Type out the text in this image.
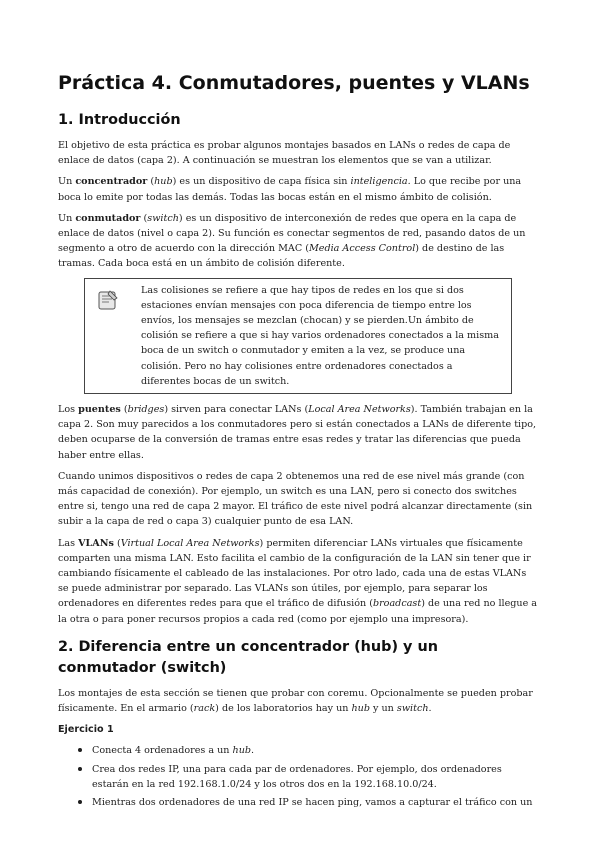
Práctica 4. Conmutadores, puentes y VLANs
1. Introducción

El objetivo de esta práctica es probar algunos montajes basados en LANs o redes de capa de enlace de datos (capa 2). A continuación se muestran los elementos que se van a utilizar.

Un concentrador (hub) es un dispositivo de capa física sin inteligencia. Lo que recibe por una boca lo emite por todas las demás. Todas las bocas están en el mismo ámbito de colisión.

Un conmutador (switch) es un dispositivo de interconexión de redes que opera en la capa de enlace de datos (nivel o capa 2). Su función es conectar segmentos de red, pasando datos de un segmento a otro de acuerdo con la dirección MAC (Media Access Control) de destino de las tramas. Cada boca está en un ámbito de colisión diferente.

Las colisiones se refiere a que hay tipos de redes en los que si dos estaciones envían mensajes con poca diferencia de tiempo entre los envíos, los mensajes se mezclan (chocan) y se pierden.Un ámbito de colisión se refiere a que si hay varios ordenadores conectados a la misma boca de un switch o conmutador y emiten a la vez, se produce una colisión. Pero no hay colisiones entre ordenadores conectados a diferentes bocas de un switch.

Los puentes (bridges) sirven para conectar LANs (Local Area Networks). También trabajan en la capa 2. Son muy parecidos a los conmutadores pero si están conectados a LANs de diferente tipo, deben ocuparse de la conversión de tramas entre esas redes y tratar las diferencias que pueda haber entre ellas.

Cuando unimos dispositivos o redes de capa 2 obtenemos una red de ese nivel más grande (con más capacidad de conexión). Por ejemplo, un switch es una LAN, pero si conecto dos switches entre si, tengo una red de capa 2 mayor. El tráfico de este nivel podrá alcanzar directamente (sin subir a la capa de red o capa 3) cualquier punto de esa LAN.

Las VLANs (Virtual Local Area Networks) permiten diferenciar LANs virtuales que físicamente comparten una misma LAN. Esto facilita el cambio de la configuración de la LAN sin tener que ir cambiando físicamente el cableado de las instalaciones. Por otro lado, cada una de estas VLANs se puede administrar por separado. Las VLANs son útiles, por ejemplo, para separar los ordenadores en diferentes redes para que el tráfico de difusión (broadcast) de una red no llegue a la otra o para poner recursos propios a cada red (como por ejemplo una impresora).

2. Diferencia entre un concentrador (hub) y un conmutador (switch)

Los montajes de esta sección se tienen que probar con coremu. Opcionalmente se pueden probar físicamente. En el armario (rack) de los laboratorios hay un hub y un switch.

Ejercicio 1
• Conecta 4 ordenadores a un hub.
• Crea dos redes IP, una para cada par de ordenadores. Por ejemplo, dos ordenadores estarán en la red 192.168.1.0/24 y los otros dos en la 192.168.10.0/24.
• Mientras dos ordenadores de una red IP se hacen ping, vamos a capturar el tráfico con un
